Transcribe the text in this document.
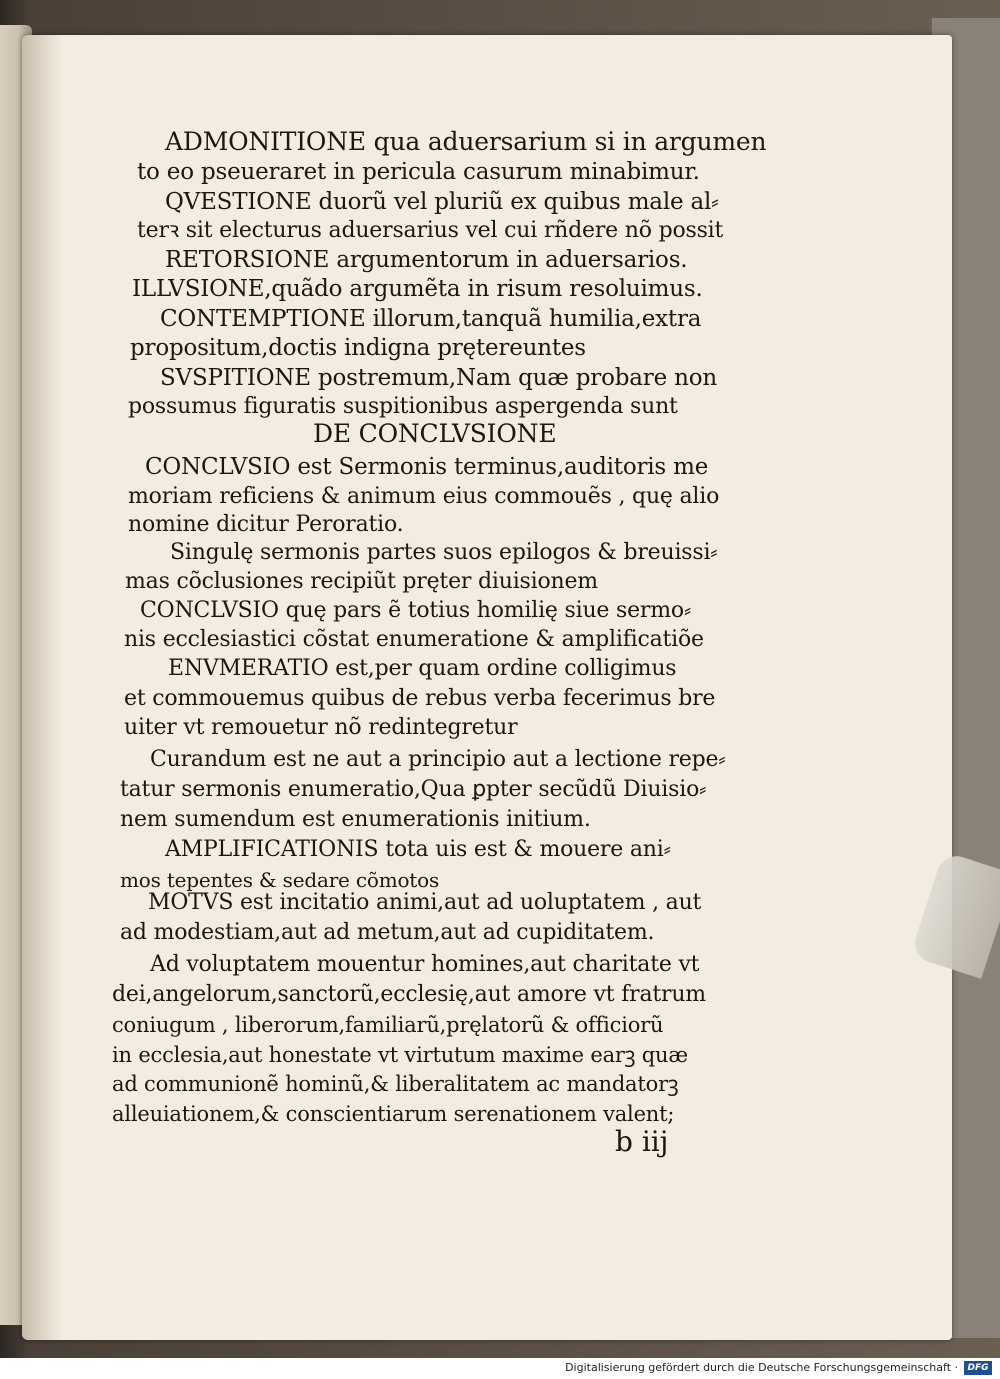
ADMONITIONE qua aduersarium si in argumen
to eo pseueraret in pericula casurum minabimur.
QVESTIONE duorũ vel pluriũ ex quibus male al⸗
terꝛ sit electurus aduersarius vel cui rñdere nõ possit
RETORSIONE argumentorum in aduersarios.
ILLVSIONE,quãdo argumẽta in risum resoluimus.
CONTEMPTIONE illorum,tanquã humilia,extra
propositum,doctis indigna prętereuntes
SVSPITIONE postremum,Nam quæ probare non
possumus figuratis suspitionibus aspergenda sunt
DE CONCLVSIONE
CONCLVSIO est Sermonis terminus,auditoris me
moriam reficiens & animum eius commouẽs , quę alio
nomine dicitur Peroratio.
Singulę sermonis partes suos epilogos & breuissi⸗
mas cõclusiones recipiũt pręter diuisionem
CONCLVSIO quę pars ẽ totius homilię siue sermo⸗
nis ecclesiastici cõstat enumeratione & amplificatiõe
ENVMERATIO est,per quam ordine colligimus
et commouemus quibus de rebus verba fecerimus bre
uiter vt remouetur nõ redintegretur
Curandum est ne aut a principio aut a lectione repe⸗
tatur sermonis enumeratio,Qua ꝑpter secũdũ Diuisio⸗
nem sumendum est enumerationis initium.
AMPLIFICATIONIS tota uis est & mouere ani⸗
mos tepentes & sedare cõmotos
MOTVS est incitatio animi,aut ad uoluptatem , aut
ad modestiam,aut ad metum,aut ad cupiditatem.
Ad voluptatem mouentur homines,aut charitate vt
dei,angelorum,sanctorũ,ecclesię,aut amore vt fratrum
coniugum , liberorum,familiarũ,pręlatorũ & officiorũ
in ecclesia,aut honestate vt virtutum maxime earꝫ quæ
ad communionẽ hominũ,& liberalitatem ac mandatorꝫ
alleuiationem,& conscientiarum serenationem valent;
b iij
Digitalisierung gefördert durch die Deutsche Forschungsgemeinschaft ·	DFG
